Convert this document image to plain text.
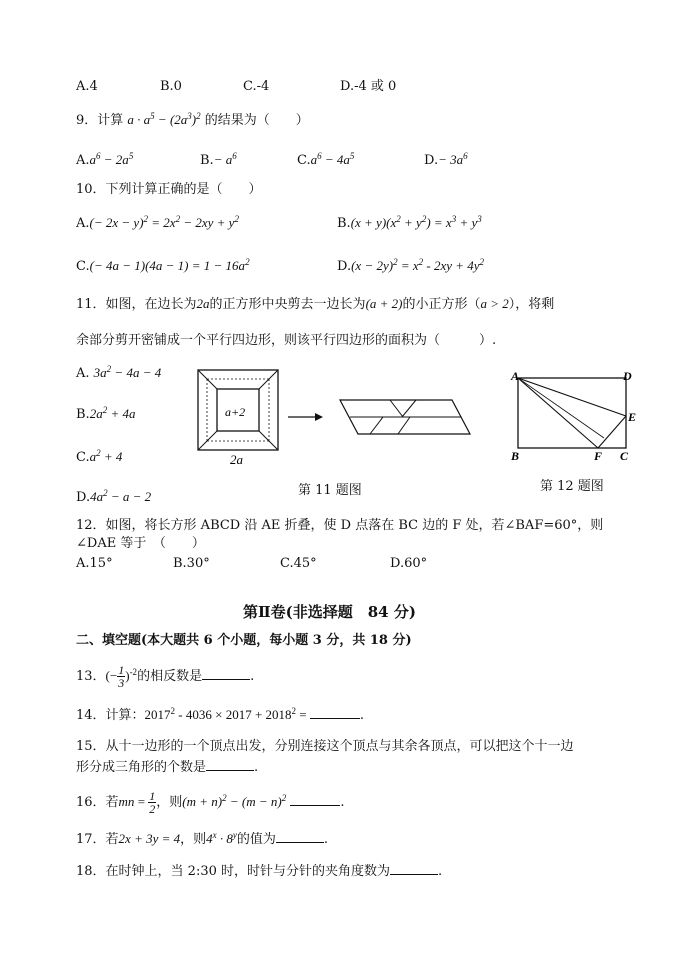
A.4	B.0	C.-4	D.-4 或 0
9．计算 $a \cdot a^5 - (2a^3)^2$ 的结果为（　　）
$A.a^6 - 2a^5$	$B.- a^6$	$C.a^6 - 4a^5$	$D.- 3a^6$
10．下列计算正确的是（　　）
$A.(- 2x - y)^2 = 2x^2 - 2xy + y^2$	$B.(x + y)(x^2 + y^2) = x^3 + y^3$
$C.(- 4a - 1)(4a - 1) = 1 - 16a^2$	$D.(x - 2y)^2 = x^2 - 2xy + 4y^2$
11．如图，在边长为2a的正方形中央剪去一边长为(a + 2)的小正方形（a > 2），将剩
余部分剪开密铺成一个平行四边形，则该平行四边形的面积为（　　　）.
A. $3a^2 - 4a - 4$
$B.2a^2 + 4a$
$C.a^2 + 4$
$D.4a^2 - a - 2$
a+2
2a
第 11 题图
A	D
E
B	F C
第 12 题图
12．如图，将长方形 ABCD 沿 AE 折叠，使 D 点落在 BC 边的 F 处，若∠BAF=60°，则
∠DAE 等于　（　　）
A.15°	B.30°	C.45°	D.60°
第Ⅱ卷(非选择题　84 分)
二、填空题(本大题共 6 个小题，每小题 3 分，共 18 分)
13．(− $\frac{1}{3} )^{-2}$的相反数是	.
14．计算：$2017^2 - 4036 \times 2017 + 2018^2$ =	.
15．从十一边形的一个顶点出发，分别连接这个顶点与其余各顶点，可以把这个十一边
形分成三角形的个数是	.
16．若mn = $\frac{1}{2}$ ，则$(m + n)^2 - (m - n)^2$	.
17．若2x + 3y = 4，则$4^x \cdot 8^y$的值为	.
18．在时钟上，当 2:30 时，时针与分针的夹角度数为	.
